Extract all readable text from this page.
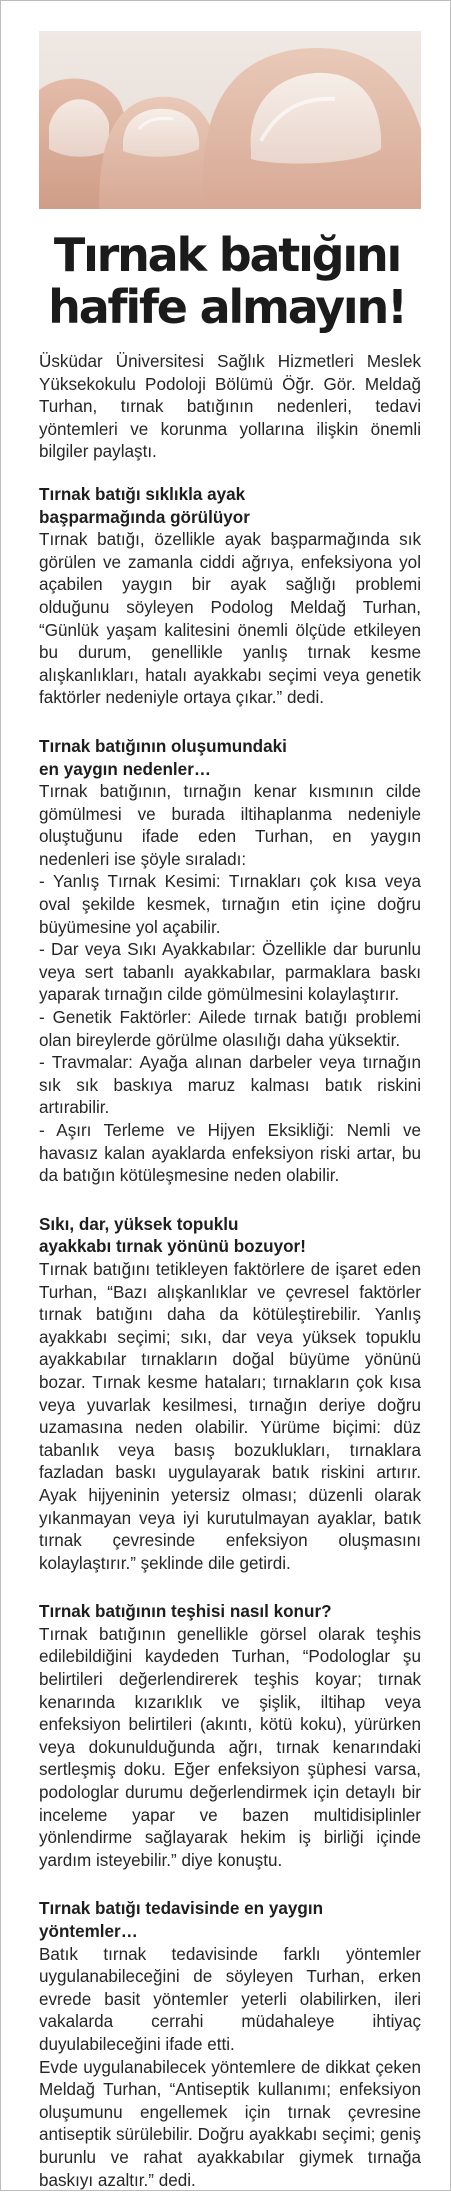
Tırnak batığını
hafife almayın!

Üsküdar Üniversitesi Sağlık Hizmetleri Meslek Yüksekokulu Podoloji Bölümü Öğr. Gör. Meldağ Turhan, tırnak batığının nedenleri, tedavi yöntemleri ve korunma yollarına ilişkin önemli bilgiler paylaştı.

Tırnak batığı sıklıkla ayak
başparmağında görülüyor

Tırnak batığı, özellikle ayak başparmağında sık görülen ve zamanla ciddi ağrıya, enfeksiyona yol açabilen yaygın bir ayak sağlığı problemi olduğunu söyleyen Podolog Meldağ Turhan, “Günlük yaşam kalitesini önemli ölçüde etkileyen bu durum, genellikle yanlış tırnak kesme alışkanlıkları, hatalı ayakkabı seçimi veya genetik faktörler nedeniyle ortaya çıkar.” dedi.

Tırnak batığının oluşumundaki
en yaygın nedenler…

Tırnak batığının, tırnağın kenar kısmının cilde gömülmesi ve burada iltihaplanma nedeniyle oluştuğunu ifade eden Turhan, en yaygın nedenleri ise şöyle sıraladı:

- Yanlış Tırnak Kesimi: Tırnakları çok kısa veya oval şekilde kesmek, tırnağın etin içine doğru büyümesine yol açabilir.

- Dar veya Sıkı Ayakkabılar: Özellikle dar burunlu veya sert tabanlı ayakkabılar, parmaklara baskı yaparak tırnağın cilde gömülmesini kolaylaştırır.

- Genetik Faktörler: Ailede tırnak batığı problemi olan bireylerde görülme olasılığı daha yüksektir.

- Travmalar: Ayağa alınan darbeler veya tırnağın sık sık baskıya maruz kalması batık riskini artırabilir.

- Aşırı Terleme ve Hijyen Eksikliği: Nemli ve havasız kalan ayaklarda enfeksiyon riski artar, bu da batığın kötüleşmesine neden olabilir.

Sıkı, dar, yüksek topuklu
ayakkabı tırnak yönünü bozuyor!

Tırnak batığını tetikleyen faktörlere de işaret eden Turhan, “Bazı alışkanlıklar ve çevresel faktörler tırnak batığını daha da kötüleştirebilir. Yanlış ayakkabı seçimi; sıkı, dar veya yüksek topuklu ayakkabılar tırnakların doğal büyüme yönünü bozar. Tırnak kesme hataları; tırnakların çok kısa veya yuvarlak kesilmesi, tırnağın deriye doğru uzamasına neden olabilir. Yürüme biçimi: düz tabanlık veya basış bozuklukları, tırnaklara fazladan baskı uygulayarak batık riskini artırır. Ayak hijyeninin yetersiz olması; düzenli olarak yıkanmayan veya iyi kurutulmayan ayaklar, batık tırnak çevresinde enfeksiyon oluşmasını kolaylaştırır.” şeklinde dile getirdi.

Tırnak batığının teşhisi nasıl konur?

Tırnak batığının genellikle görsel olarak teşhis edilebildiğini kaydeden Turhan, “Podologlar şu belirtileri değerlendirerek teşhis koyar; tırnak kenarında kızarıklık ve şişlik, iltihap veya enfeksiyon belirtileri (akıntı, kötü koku), yürürken veya dokunulduğunda ağrı, tırnak kenarındaki sertleşmiş doku. Eğer enfeksiyon şüphesi varsa, podologlar durumu değerlendirmek için detaylı bir inceleme yapar ve bazen multidisiplinler yönlendirme sağlayarak hekim iş birliği içinde yardım isteyebilir.” diye konuştu.

Tırnak batığı tedavisinde en yaygın yöntemler…

Batık tırnak tedavisinde farklı yöntemler uygulanabileceğini de söyleyen Turhan, erken evrede basit yöntemler yeterli olabilirken, ileri vakalarda cerrahi müdahaleye ihtiyaç duyulabileceğini ifade etti.

Evde uygulanabilecek yöntemlere de dikkat çeken Meldağ Turhan, “Antiseptik kullanımı; enfeksiyon oluşumunu engellemek için tırnak çevresine antiseptik sürülebilir. Doğru ayakkabı seçimi; geniş burunlu ve rahat ayakkabılar giymek tırnağa baskıyı azaltır.” dedi.
